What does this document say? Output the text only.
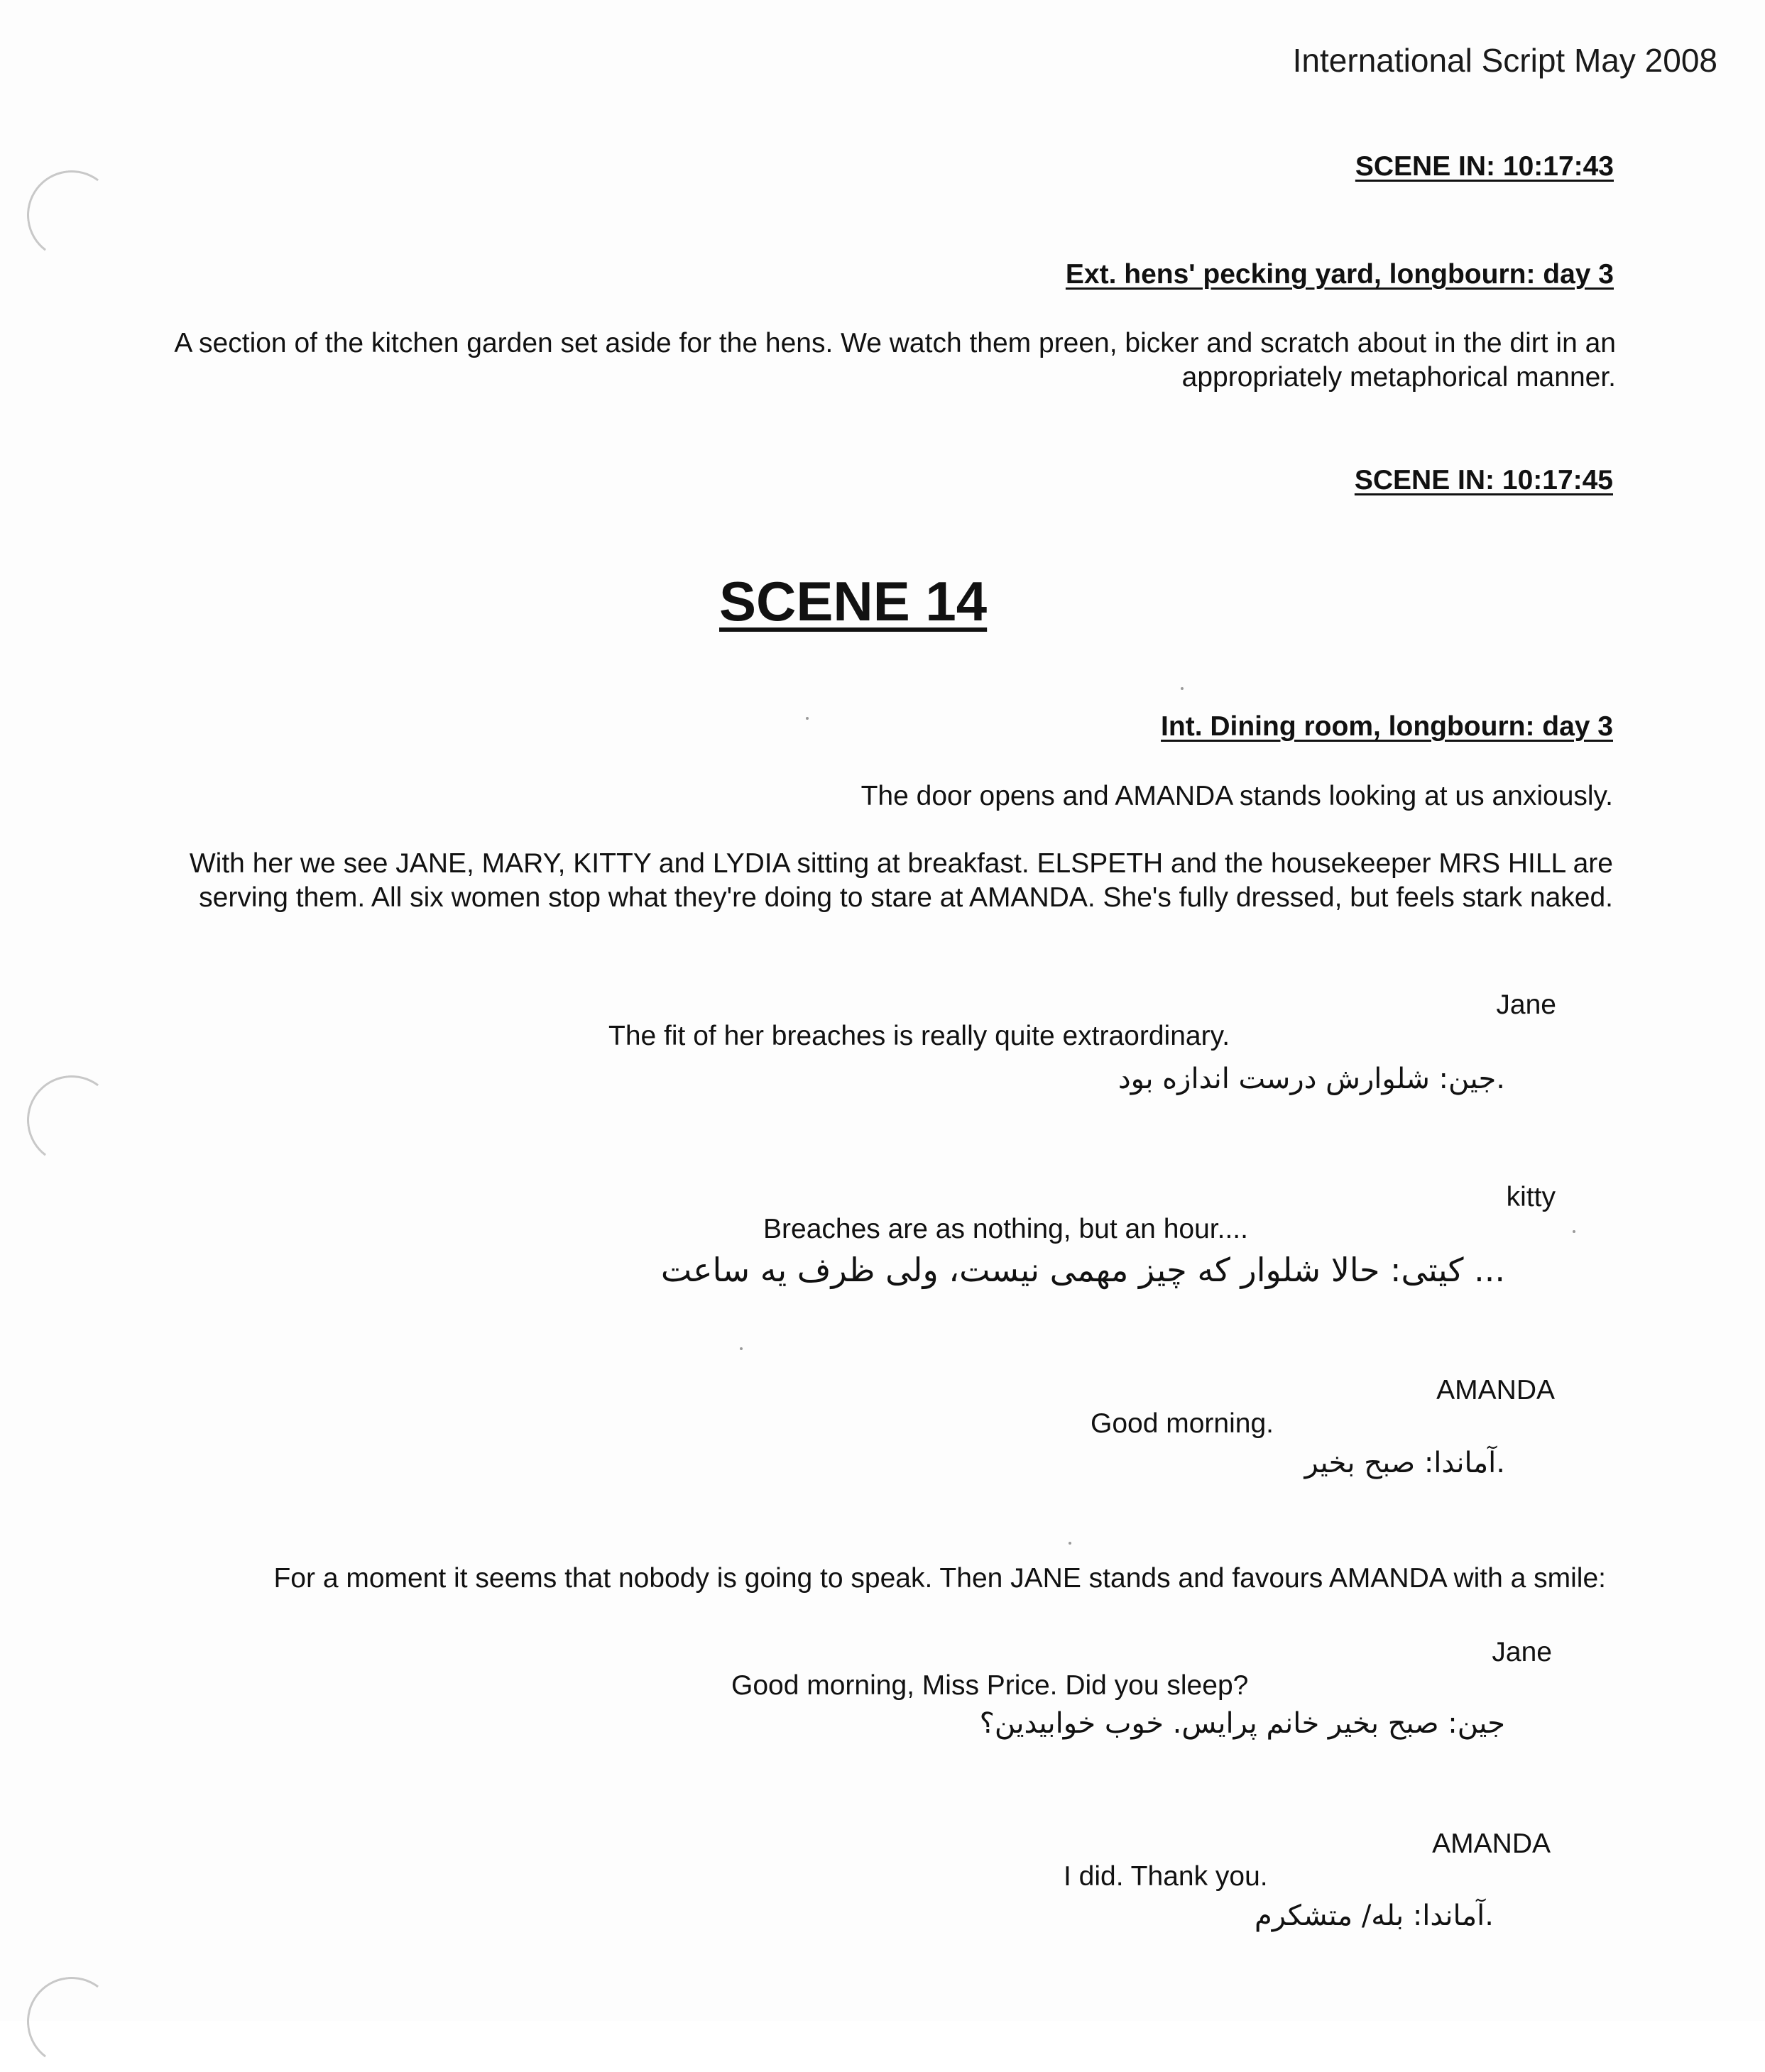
International Script May 2008
SCENE IN: 10:17:43
Ext. hens' pecking yard, longbourn: day 3
A section of the kitchen garden set aside for the hens. We watch them preen, bicker and scratch about in the dirt in an appropriately metaphorical manner.
SCENE IN: 10:17:45
SCENE 14
Int. Dining room, longbourn: day 3
The door opens and AMANDA stands looking at us anxiously.
With her we see JANE, MARY, KITTY and LYDIA sitting at breakfast. ELSPETH and the housekeeper MRS HILL are serving them. All six women stop what they're doing to stare at AMANDA. She's fully dressed, but feels stark naked.
Jane
The fit of her breaches is really quite extraordinary.
.جین: شلوارش درست اندازه بود
kitty
Breaches are as nothing, but an hour....
... کیتی: حالا شلوار که چیز مهمی نیست، ولی ظرف یه ساعت
AMANDA
Good morning.
.آماندا: صبح بخیر
For a moment it seems that nobody is going to speak. Then JANE stands and favours AMANDA with a smile:
Jane
Good morning, Miss Price. Did you sleep?
جین: صبح بخیر خانم پرایس. خوب خوابیدین؟
AMANDA
I did. Thank you.
.آماندا: بله/ متشکرم
